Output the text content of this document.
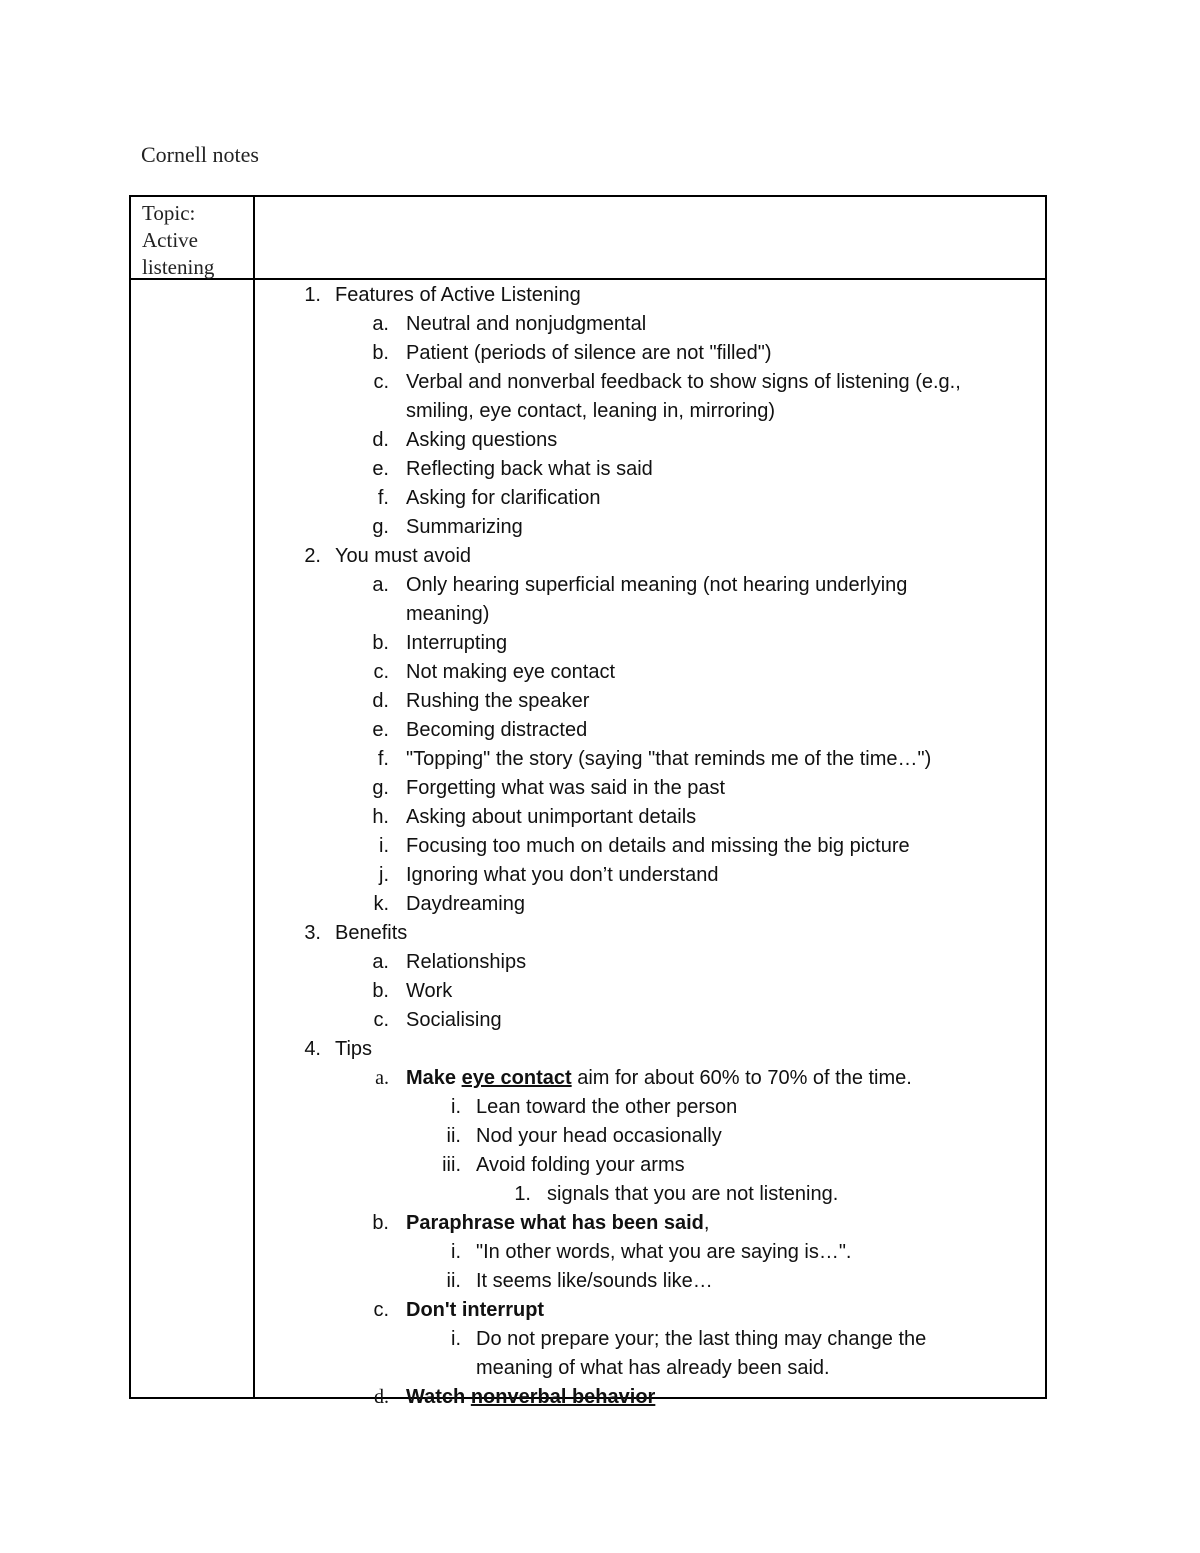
Cornell notes
Topic:
Active
listening
1. Features of Active Listening
a. Neutral and nonjudgmental
b. Patient (periods of silence are not "filled")
c. Verbal and nonverbal feedback to show signs of listening (e.g.,
smiling, eye contact, leaning in, mirroring)
d. Asking questions
e. Reflecting back what is said
f. Asking for clarification
g. Summarizing
2. You must avoid
a. Only hearing superficial meaning (not hearing underlying
meaning)
b. Interrupting
c. Not making eye contact
d. Rushing the speaker
e. Becoming distracted
f. "Topping" the story (saying "that reminds me of the time…")
g. Forgetting what was said in the past
h. Asking about unimportant details
i. Focusing too much on details and missing the big picture
j. Ignoring what you don’t understand
k. Daydreaming
3. Benefits
a. Relationships
b. Work
c. Socialising
4. Tips
a. Make eye contact aim for about 60% to 70% of the time.
i. Lean toward the other person
ii. Nod your head occasionally
iii. Avoid folding your arms
1. signals that you are not listening.
b. Paraphrase what has been said,
i. "In other words, what you are saying is…".
ii. It seems like/sounds like…
c. Don't interrupt
i. Do not prepare your; the last thing may change the
meaning of what has already been said.
d. Watch nonverbal behavior
